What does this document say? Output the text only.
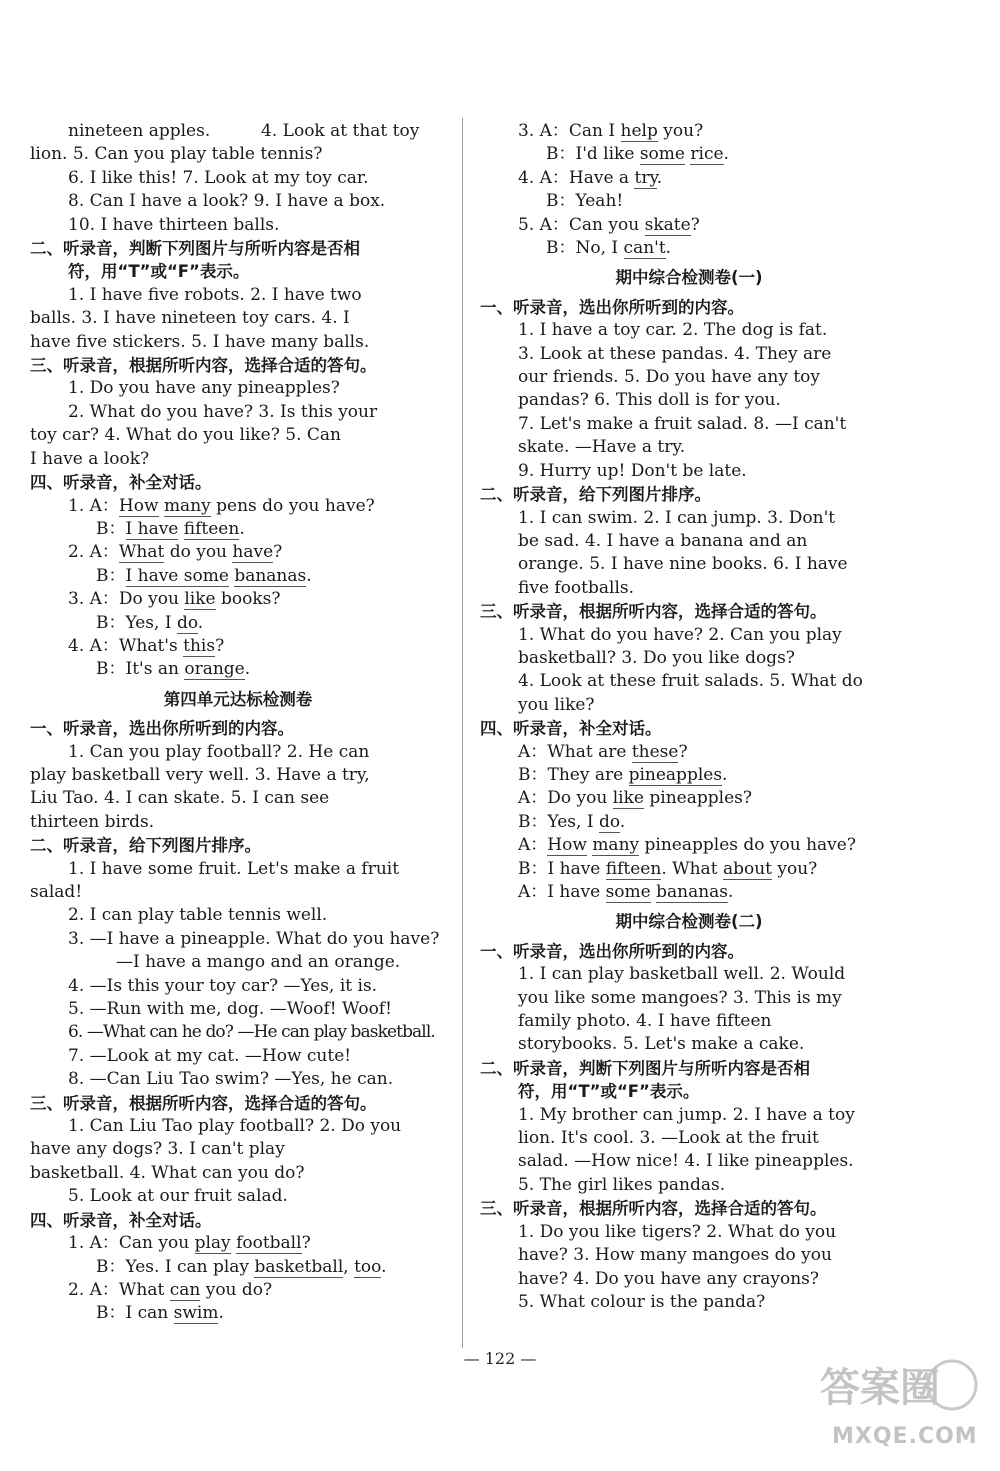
nineteen apples.	4. Look at that toy
lion. 5. Can you play table tennis?
6. I like this! 7. Look at my toy car.
8. Can I have a look? 9. I have a box.
10. I have thirteen balls.
二、听录音，判断下列图片与所听内容是否相
符，用“T”或“F”表示。
1. I have five robots. 2. I have two
balls. 3. I have nineteen toy cars. 4. I
have five stickers. 5. I have many balls.
三、听录音，根据所听内容，选择合适的答句。
1. Do you have any pineapples?
2. What do you have? 3. Is this your
toy car? 4. What do you like? 5. Can
I have a look?
四、听录音，补全对话。
1. A：How many pens do you have?
B：I have fifteen.
2. A：What do you have?
B：I have some bananas.
3. A：Do you like books?
B：Yes, I do.
4. A：What's this?
B：It's an orange.
第四单元达标检测卷
一、听录音，选出你所听到的内容。
1. Can you play football? 2. He can
play basketball very well. 3. Have a try,
Liu Tao. 4. I can skate. 5. I can see
thirteen birds.
二、听录音，给下列图片排序。
1. I have some fruit. Let's make a fruit
salad!
2. I can play table tennis well.
3. —I have a pineapple. What do you have?
—I have a mango and an orange.
4. —Is this your toy car? —Yes, it is.
5. —Run with me, dog. —Woof! Woof!
6. —What can he do? —He can play basketball.
7. —Look at my cat. —How cute!
8. —Can Liu Tao swim? —Yes, he can.
三、听录音，根据所听内容，选择合适的答句。
1. Can Liu Tao play football? 2. Do you
have any dogs? 3. I can't play
basketball. 4. What can you do?
5. Look at our fruit salad.
四、听录音，补全对话。
1. A：Can you play football?
B：Yes. I can play basketball, too.
2. A：What can you do?
B：I can swim.
3. A：Can I help you?
B：I'd like some rice.
4. A：Have a try.
B：Yeah!
5. A：Can you skate?
B：No, I can't.
期中综合检测卷(一)
一、听录音，选出你所听到的内容。
1. I have a toy car. 2. The dog is fat.
3. Look at these pandas. 4. They are
our friends. 5. Do you have any toy
pandas? 6. This doll is for you.
7. Let's make a fruit salad. 8. —I can't
skate. —Have a try.
9. Hurry up! Don't be late.
二、听录音，给下列图片排序。
1. I can swim. 2. I can jump. 3. Don't
be sad. 4. I have a banana and an
orange. 5. I have nine books. 6. I have
five footballs.
三、听录音，根据所听内容，选择合适的答句。
1. What do you have? 2. Can you play
basketball? 3. Do you like dogs?
4. Look at these fruit salads. 5. What do
you like?
四、听录音，补全对话。
A：What are these?
B：They are pineapples.
A：Do you like pineapples?
B：Yes, I do.
A：How many pineapples do you have?
B：I have fifteen. What about you?
A：I have some bananas.
期中综合检测卷(二)
一、听录音，选出你所听到的内容。
1. I can play basketball well. 2. Would
you like some mangoes? 3. This is my
family photo. 4. I have fifteen
storybooks. 5. Let's make a cake.
二、听录音，判断下列图片与所听内容是否相
符，用“T”或“F”表示。
1. My brother can jump. 2. I have a toy
lion. It's cool. 3. —Look at the fruit
salad. —How nice! 4. I like pineapples.
5. The girl likes pandas.
三、听录音，根据所听内容，选择合适的答句。
1. Do you like tigers? 2. What do you
have? 3. How many mangoes do you
have? 4. Do you have any crayons?
5. What colour is the panda?
— 122 —
答案圈
MXQE.COM
